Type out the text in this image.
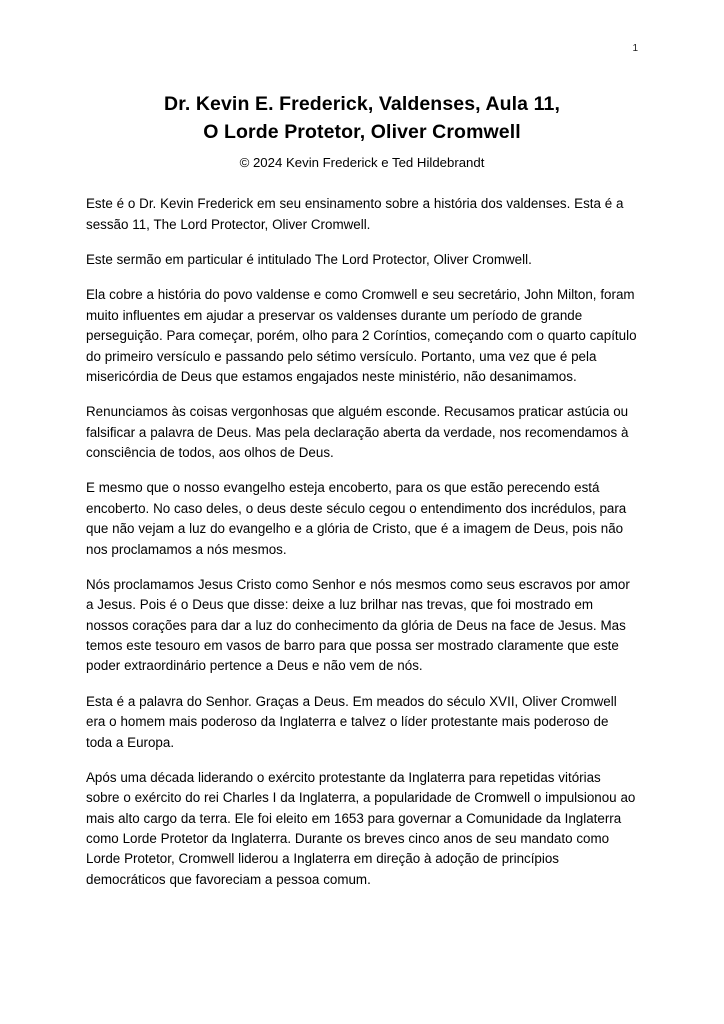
1
Dr. Kevin E. Frederick, Valdenses, Aula 11,
O Lorde Protetor, Oliver Cromwell
© 2024 Kevin Frederick e Ted Hildebrandt

Este é o Dr. Kevin Frederick em seu ensinamento sobre a história dos valdenses. Esta é a sessão 11, The Lord Protector, Oliver Cromwell.

Este sermão em particular é intitulado The Lord Protector, Oliver Cromwell.

Ela cobre a história do povo valdense e como Cromwell e seu secretário, John Milton, foram muito influentes em ajudar a preservar os valdenses durante um período de grande perseguição. Para começar, porém, olho para 2 Coríntios, começando com o quarto capítulo do primeiro versículo e passando pelo sétimo versículo. Portanto, uma vez que é pela misericórdia de Deus que estamos engajados neste ministério, não desanimamos.

Renunciamos às coisas vergonhosas que alguém esconde. Recusamos praticar astúcia ou falsificar a palavra de Deus. Mas pela declaração aberta da verdade, nos recomendamos à consciência de todos, aos olhos de Deus.

E mesmo que o nosso evangelho esteja encoberto, para os que estão perecendo está encoberto. No caso deles, o deus deste século cegou o entendimento dos incrédulos, para que não vejam a luz do evangelho e a glória de Cristo, que é a imagem de Deus, pois não nos proclamamos a nós mesmos.

Nós proclamamos Jesus Cristo como Senhor e nós mesmos como seus escravos por amor a Jesus. Pois é o Deus que disse: deixe a luz brilhar nas trevas, que foi mostrado em nossos corações para dar a luz do conhecimento da glória de Deus na face de Jesus. Mas temos este tesouro em vasos de barro para que possa ser mostrado claramente que este poder extraordinário pertence a Deus e não vem de nós.

Esta é a palavra do Senhor. Graças a Deus. Em meados do século XVII, Oliver Cromwell era o homem mais poderoso da Inglaterra e talvez o líder protestante mais poderoso de toda a Europa.

Após uma década liderando o exército protestante da Inglaterra para repetidas vitórias sobre o exército do rei Charles I da Inglaterra, a popularidade de Cromwell o impulsionou ao mais alto cargo da terra. Ele foi eleito em 1653 para governar a Comunidade da Inglaterra como Lorde Protetor da Inglaterra. Durante os breves cinco anos de seu mandato como Lorde Protetor, Cromwell liderou a Inglaterra em direção à adoção de princípios democráticos que favoreciam a pessoa comum.
